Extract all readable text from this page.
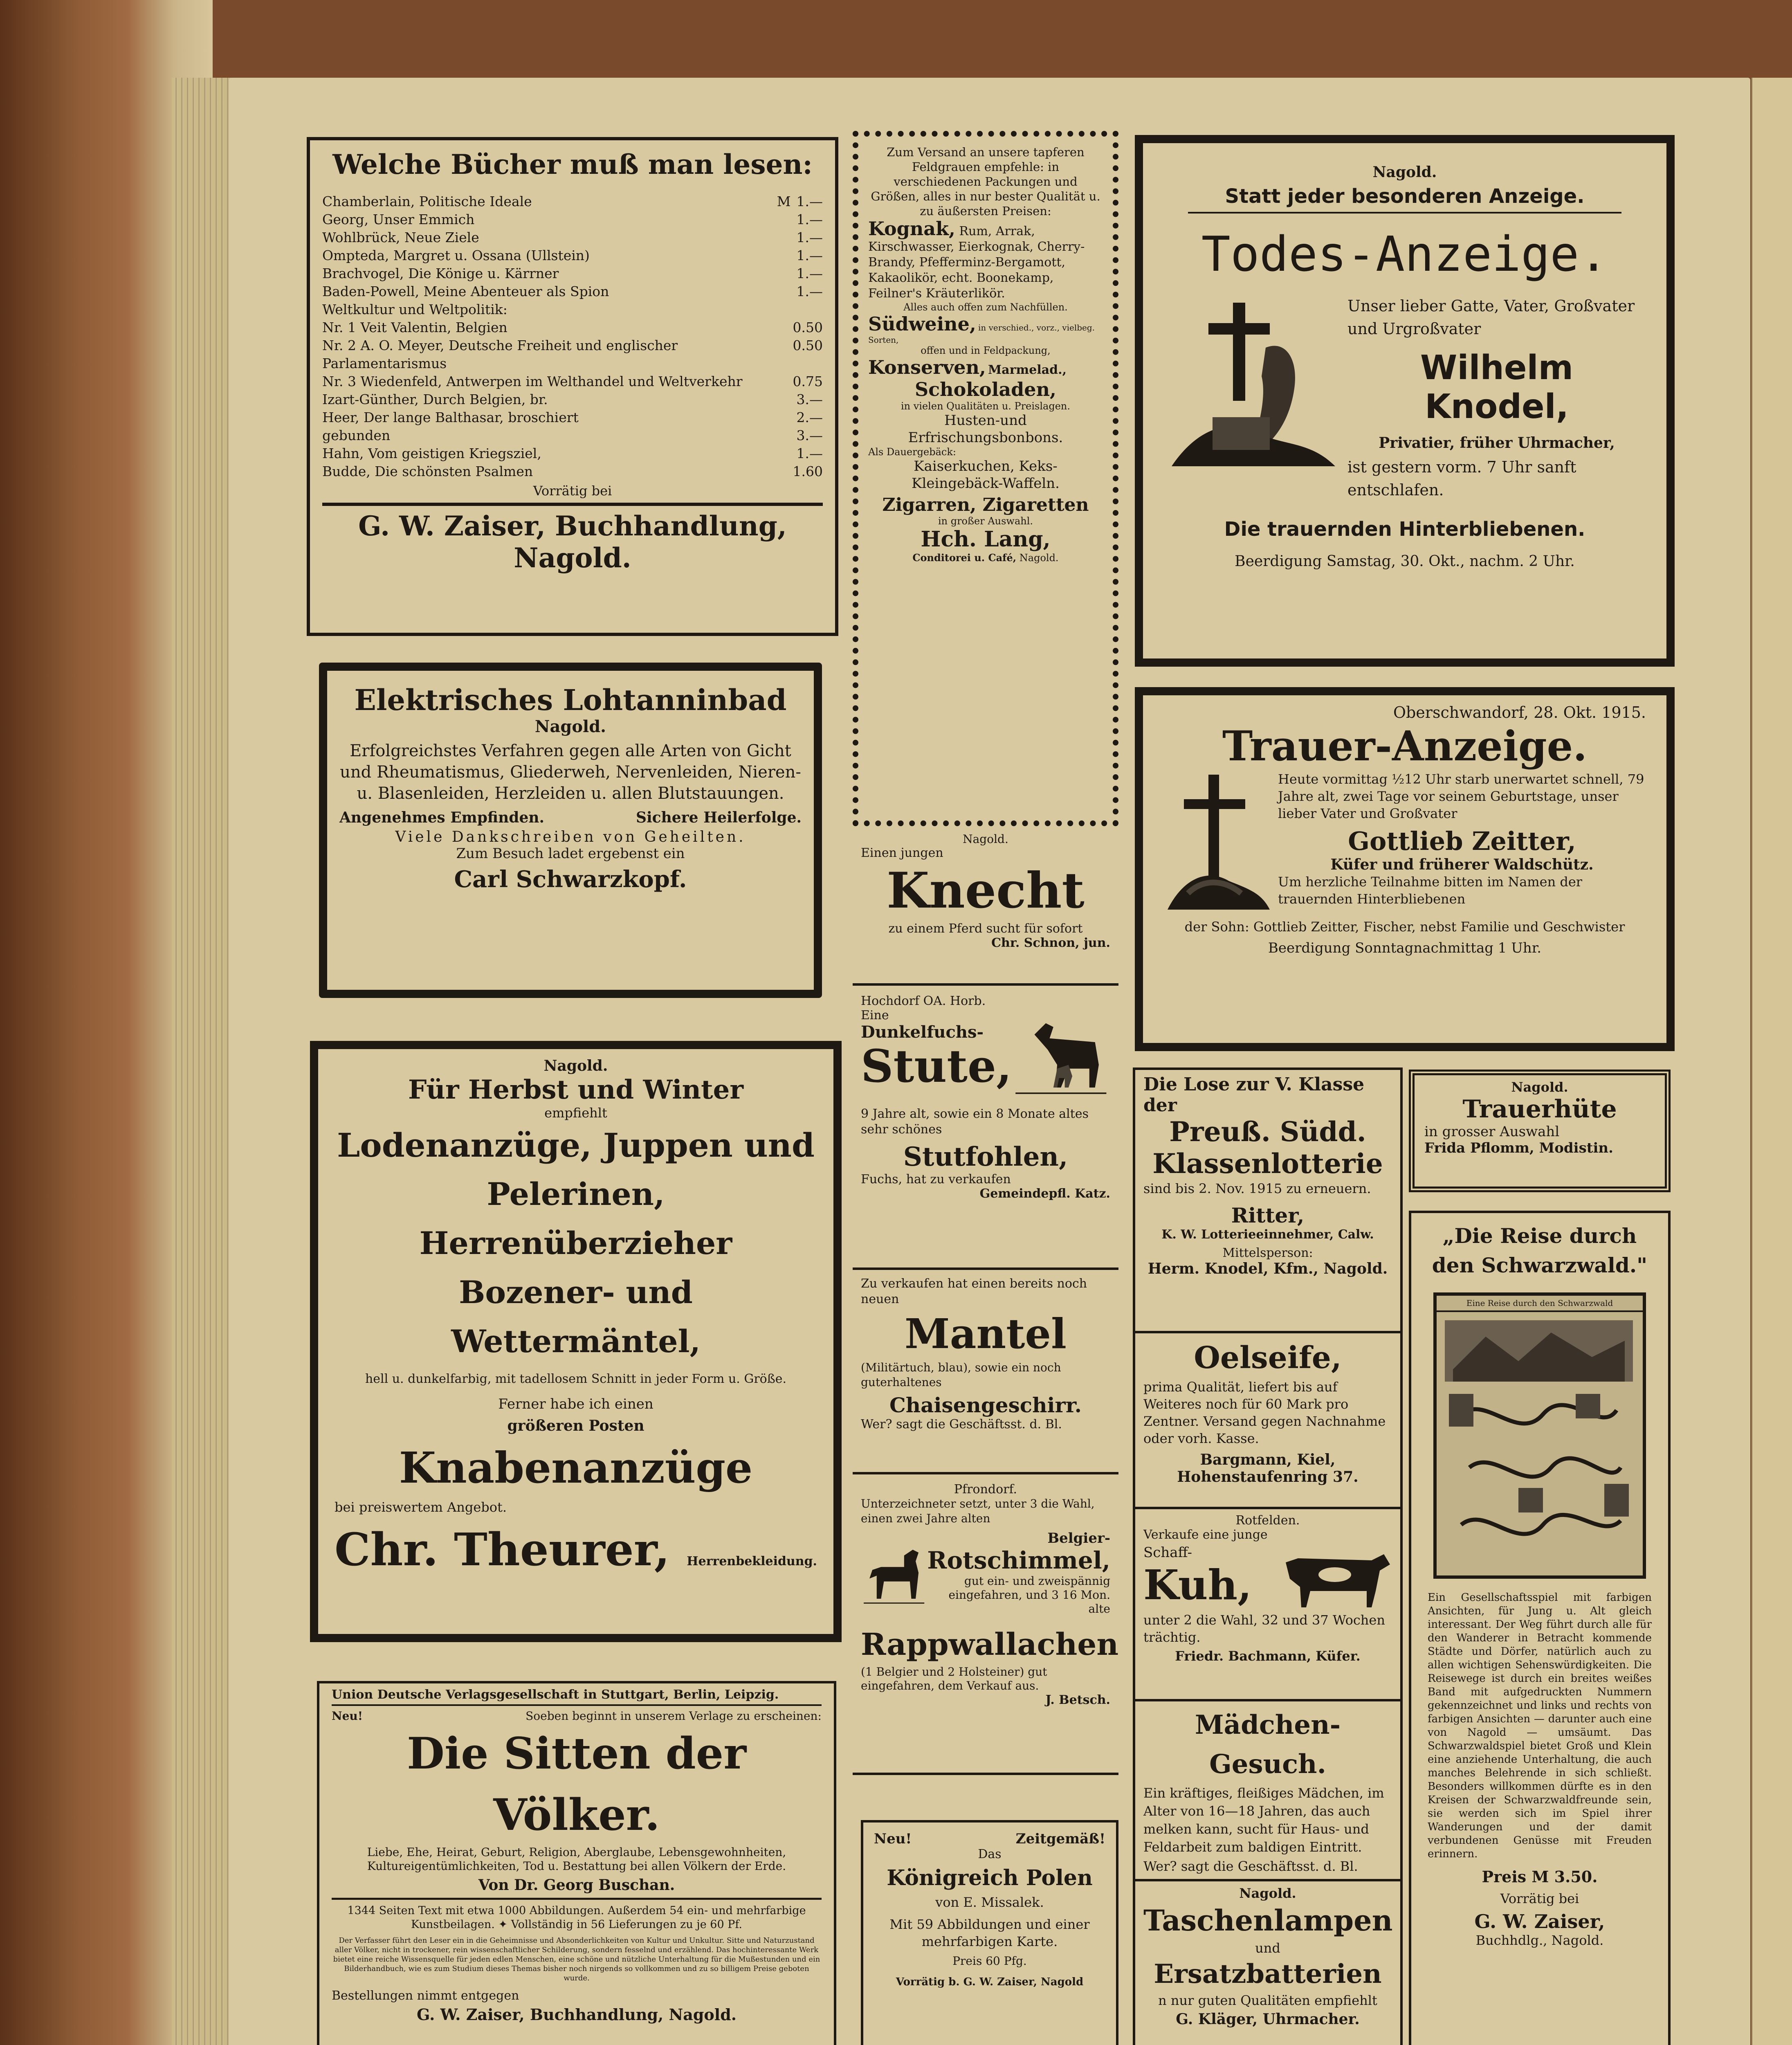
Welche Bücher muß man lesen:
Chamberlain, Politische Ideale	M 1.—
Georg, Unser Emmich	1.—
Wohlbrück, Neue Ziele	1.—
Ompteda, Margret u. Ossana (Ullstein)	1.—
Brachvogel, Die Könige u. Kärrner	1.—
Baden-Powell, Meine Abenteuer als Spion	1.—
Weltkultur und Weltpolitik:
Nr. 1 Veit Valentin, Belgien	0.50
Nr. 2 A. O. Meyer, Deutsche Freiheit und englischer Parlamentarismus
0.50
Nr. 3 Wiedenfeld, Antwerpen im Welthandel und Weltverkehr	0.75
Izart-Günther, Durch Belgien, br.	3.—
Heer, Der lange Balthasar, broschiert	2.—
gebunden	3.—
Hahn, Vom geistigen Kriegsziel,	1.—
Budde, Die schönsten Psalmen	1.60
Vorrätig bei
G. W. Zaiser, Buchhandlung, Nagold.
Elektrisches Lohtanninbad
Nagold.
Erfolgreichstes Verfahren gegen alle Arten von Gicht und Rheumatismus, Gliederweh, Nervenleiden, Nieren- u. Blasenleiden, Herzleiden u. allen Blutstauungen.
Angenehmes Empfinden.	Sichere Heilerfolge.
Viele Dankschreiben von Geheilten.
Zum Besuch ladet ergebenst ein
Carl Schwarzkopf.
Nagold.
Für Herbst und Winter
empfiehlt
Lodenanzüge, Juppen und
Pelerinen, Herrenüberzieher
Bozener- und Wettermäntel,
hell u. dunkelfarbig, mit tadellosem Schnitt in jeder Form u. Größe.
Ferner habe ich einen
größeren Posten
Knabenanzüge
bei preiswertem Angebot.
Chr. Theurer, Herrenbekleidung.
Union Deutsche Verlagsgesellschaft in Stuttgart, Berlin, Leipzig.
Neu!	Soeben beginnt in unserem Verlage zu erscheinen:
Die Sitten der Völker.
Liebe, Ehe, Heirat, Geburt, Religion, Aberglaube, Lebensgewohnheiten, Kultureigentümlichkeiten, Tod u. Bestattung bei allen Völkern der Erde.
Von Dr. Georg Buschan.
1344 Seiten Text mit etwa 1000 Abbildungen. Außerdem 54 ein- und mehrfarbige Kunstbeilagen. ✦ Vollständig in 56 Lieferungen zu je 60 Pf.
Der Verfasser führt den Leser ein in die Geheimnisse und Absonderlichkeiten von Kultur und Unkultur. Sitte und Naturzustand aller Völker, nicht in trockener, rein wissenschaftlicher Schilderung, sondern fesselnd und erzählend. Das hochinteressante Werk bietet eine reiche Wissensquelle für jeden edlen Menschen, eine schöne und nützliche Unterhaltung für die Mußestunden und ein Bilderhandbuch, wie es zum Studium dieses Themas bisher noch nirgends so vollkommen und zu so billigem Preise geboten wurde.
Bestellungen nimmt entgegen
G. W. Zaiser, Buchhandlung, Nagold.
Zum Versand an unsere tapferen Feldgrauen empfehle: in verschiedenen Packungen und Größen, alles in nur bester Qualität u. zu äußersten Preisen:
Kognak, Rum, Arrak, Kirschwasser, Eierkognak, Cherry-Brandy, Pfefferminz-Bergamott, Kakaolikör, echt. Boonekamp, Feilner's Kräuterlikör.
Alles auch offen zum Nachfüllen.
Südweine, in verschied., vorz., vielbeg. Sorten,
offen und in Feldpackung,
Konserven, Marmelad.,
Schokoladen,
in vielen Qualitäten u. Preislagen.
Husten-und Erfrischungsbonbons.
Als Dauergebäck:
Kaiserkuchen, Keks-Kleingebäck-Waffeln.
Zigarren, Zigaretten
in großer Auswahl.
Hch. Lang,
Conditorei u. Café, Nagold.
Nagold.
Einen jungen
Knecht
zu einem Pferd sucht für sofort
Chr. Schnon, jun.
Hochdorf OA. Horb.
Eine
Dunkelfuchs-
Stute,
9 Jahre alt, sowie ein 8 Monate altes sehr schönes
Stutfohlen,
Fuchs, hat zu verkaufen
Gemeindepfl. Katz.
Zu verkaufen hat einen bereits noch neuen
Mantel
(Militärtuch, blau), sowie ein noch guterhaltenes
Chaisengeschirr.
Wer? sagt die Geschäftsst. d. Bl.
Pfrondorf.
Unterzeichneter setzt, unter 3 die Wahl, einen zwei Jahre alten
Belgier-
Rotschimmel,
gut ein- und zweispännig eingefahren, und 3 16 Mon. alte
Rappwallachen
(1 Belgier und 2 Holsteiner) gut eingefahren, dem Verkauf aus.
J. Betsch.
Neu!	Zeitgemäß!
Das
Königreich Polen
von E. Missalek.
Mit 59 Abbildungen und einer mehrfarbigen Karte.
Preis 60 Pfg.
Vorrätig b. G. W. Zaiser, Nagold
Nagold.
Statt jeder besonderen Anzeige.
Todes-Anzeige.
Unser lieber Gatte, Vater, Großvater und Urgroßvater
Wilhelm Knodel,
Privatier, früher Uhrmacher,
ist gestern vorm. 7 Uhr sanft entschlafen.
Die trauernden Hinterbliebenen.
Beerdigung Samstag, 30. Okt., nachm. 2 Uhr.
Oberschwandorf, 28. Okt. 1915.
Trauer-Anzeige.
Heute vormittag ½12 Uhr starb unerwartet schnell, 79 Jahre alt, zwei Tage vor seinem Geburtstage, unser lieber Vater und Großvater
Gottlieb Zeitter,
Küfer und früherer Waldschütz.
Um herzliche Teilnahme bitten im Namen der trauernden Hinterbliebenen
der Sohn: Gottlieb Zeitter, Fischer, nebst Familie und Geschwister
Beerdigung Sonntagnachmittag 1 Uhr.
Die Lose zur V. Klasse der
Preuß. Südd.
Klassenlotterie
sind bis 2. Nov. 1915 zu erneuern.
Ritter,
K. W. Lotterieeinnehmer, Calw.
Mittelsperson:
Herm. Knodel, Kfm., Nagold.
Oelseife,
prima Qualität, liefert bis auf Weiteres noch für 60 Mark pro Zentner. Versand gegen Nachnahme oder vorh. Kasse.
Bargmann, Kiel,
Hohenstaufenring 37.
Rotfelden.
Verkaufe eine junge
Schaff-
Kuh,
unter 2 die Wahl, 32 und 37 Wochen trächtig.
Friedr. Bachmann, Küfer.
Mädchen-Gesuch.
Ein kräftiges, fleißiges Mädchen, im Alter von 16—18 Jahren, das auch melken kann, sucht für Haus- und Feldarbeit zum baldigen Eintritt.
Wer? sagt die Geschäftsst. d. Bl.
Nagold.
Taschenlampen
und
Ersatzbatterien
n nur guten Qualitäten empfiehlt
G. Kläger, Uhrmacher.
Nagold.
Trauerhüte
in grosser Auswahl
Frida Pflomm, Modistin.
„Die Reise durch den Schwarzwald."
Eine Reise durch den Schwarzwald
Ein Gesellschaftsspiel mit farbigen Ansichten, für Jung u. Alt gleich interessant. Der Weg führt durch alle für den Wanderer in Betracht kommende Städte und Dörfer, natürlich auch zu allen wichtigen Sehenswürdigkeiten. Die Reisewege ist durch ein breites weißes Band mit aufgedruckten Nummern gekennzeichnet und links und rechts von farbigen Ansichten — darunter auch eine von Nagold — umsäumt. Das Schwarzwaldspiel bietet Groß und Klein eine anziehende Unterhaltung, die auch manches Belehrende in sich schließt. Besonders willkommen dürfte es in den Kreisen der Schwarzwaldfreunde sein, sie werden sich im Spiel ihrer Wanderungen und der damit verbundenen Genüsse mit Freuden erinnern.
Preis M 3.50.
Vorrätig bei
G. W. Zaiser,
Buchhdlg., Nagold.
